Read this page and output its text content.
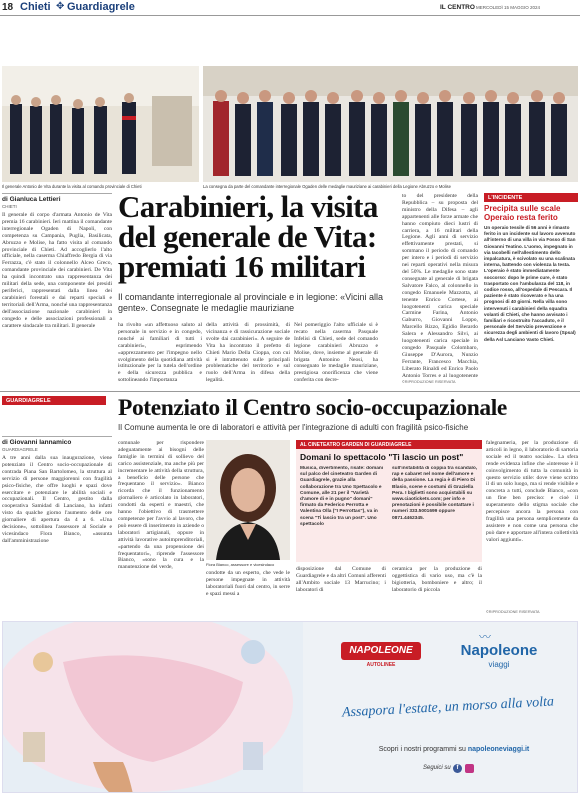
18 Chieti ✥ Guardiagrele	IL CENTRO MERCOLEDÌ 15 MAGGIO 2024
Il generale Antonio de Vita durante la visita al comando provinciale di Chieti	La consegna da parte del comandante interregionale Ogaden delle medaglie mauriziane ai carabinieri della Legione Abruzzo e Molise
di Gianluca Lettieri
CHIETI	Carabinieri, la visita
del generale de Vita:
premiati 16 militari
Il comandante interregionale al provinciale e in legione: «Vicini alla gente». Consegnate le medaglie mauriziane
Il generale di corpo d'armata Antonio de Vita premia 16 carabinieri. Ieri mattina il comandante interregionale Ogaden di Napoli, con competenza su Campania, Puglia, Basilicata, Abruzzo e Molise, ha fatto visita al comando provinciale di Chieti. Ad accoglierlo l'alto ufficiale, nella caserma Chiaffredo Bergia di via Ferrazza, c'è stato il colonnello Alceo Greco, comandante provinciale dei carabinieri. De Vita ha quindi incontrato una rappresentanza dei militari della sede, una componente dei presidi periferici, rappresentati dalla linea dei carabinieri forestali e dai reparti speciali e territoriali dell'Arma, nonché una rappresentanza dell'associazione nazionale carabinieri in congedo e delle associazioni professionali a carattere sindacale tra militari. Il generale	ha rivolto «un affettuoso saluto al personale in servizio e in congedo, nonché ai familiari di tutti i carabinieri», esprimendo «apprezzamento per l'impegno nello svolgimento della quotidiana attività istituzionale per la tutela dell'ordine e della sicurezza pubblica e sottolineando l'importanza
della attività di prossimità, di vicinanza e di rassicurazione sociale svolte dai carabinieri». A seguire de Vita ha incontrato il prefetto di Chieti Mario Della Cioppa, con cui si è intrattenuto sulle principali problematiche del territorio e sul ruolo dell'Arma in difesa della legalità.
Nel pomeriggio l'alto ufficiale si è recato nella caserma Pasquale Infelisi di Chieti, sede del comando legione carabinieri Abruzzo e Molise, dove, insieme al generale di brigata Antonino Neosi, ha consegnato le medaglie mauriziane, prestigiosa onorificenza che viene conferita con decre-
to del presidente della Repubblica – su proposta del ministro della Difesa – agli appartenenti alle forze armate che hanno compiuto dieci lustri di carriera, a 16 militari della Legione. Agli anni di servizio effettivamente prestati, si sommano il periodo di comando per intero e i periodi di servizio nei reparti operativi nella misura del 50%. Le medaglie sono state consegnate al generale di brigata Salvatore Falco, al colonnello in congedo Emanuele Mazzotta, al tenente Enrico Cortese, ai luogotenenti carica speciale Carmine Farina, Antonio Gaburro, Giovanni Loppo, Marcello Rizzo, Egidio Berardo Salera e Alessandro Silvi, ai luogotenenti carica speciale in congedo Pasquale Colombaro, Giuseppe D'Aurora, Nunzio Ferrante, Francesco Macchia, Liberato Rinaldi ed Enrico Paolo Antonio Torres e al luogotenente
©RIPRODUZIONE RISERVATA
L'INCIDENTE
Precipita sulle scale
Operaio resta ferito
Un operaio tessile di 56 anni è rimasto ferito in un incidente sul lavoro avvenuto all'interno di una villa in via Fosso di San Giovanni Teatino. L'uomo, impegnato in via Iacobelli nell'allestimento dello impalcatura, è scivolato su una scalinata interna, battendo con violenza la testa. L'operaio è stato immediatamente soccorso: dopo le prime cure, è stato trasportato con l'ambulanza del 118, in codice rosso, all'ospedale di Pescara. Il paziente è stato ricoverato e ha una prognosi di 40 giorni. Nella villa sono intervenuti i carabinieri della squadra volanti di Chieti, che hanno avvisato i familiari e ricostruito l'accaduto, e il personale del Servizio prevenzione e sicurezza degli ambienti di lavoro (Spsal) della Asl Lanciano Vasto Chieti.
GUARDIAGRELE	Potenziato il Centro socio-occupazionale
Il Comune aumenta le ore di laboratori e attività per l'integrazione di adulti con fragilità psico-fisiche
di Giovanni Iannamico
GUARDIAGRELE
A tre anni dalla sua inaugurazione, viene potenziato il Centro socio-occupazionale di contrada Piana San Bartolomeo, la struttura al servizio di persone maggiorenni con fragilità psico-fisiche, che offre luoghi e spazi dove esercitare e potenziare le abilità sociali e occupazionali. Il Centro, gestito dalla cooperativa Samidad di Lanciano, ha infatti visto da qualche giorno l'aumento delle ore giornaliere di apertura da 4 a 6. «Una decisione», sottolinea l'assessore al Sociale e vicesindaco Flora Bianco, «assunta dall'amministrazione
comunale per rispondere adeguatamente ai bisogni delle famiglie in termini di sollievo del carico assistenziale, ma anche più per incrementare le attività della struttura, a beneficio delle persone che frequentano il servizio». Bianco ricorda che il funzionamento giornaliero è articolato in laboratori, condotti da esperti e maestri, che hanno l'obiettivo di trasmettere competenze per l'avvio al lavoro, che può essere di inserimento in aziende o laboratori artigianali, oppure in attività lavorative autoimprenditoriali, «partendo da una propensione dei frequentatori», riprende l'assessore Bianco, «sono la cura e la manutenzione del verde,	Flora Bianco, assessore e vicesindaco
condotte da un esperto, che vede le persone impegnate in attività laboratoriali fuori dal centro, in serre e spazi messi a
AL CINETEATRO GARDEN DI GUARDIAGRELE
Domani lo spettacolo "Ti lascio un post"
Musica, divertimento, risate: domani sul palco del cineteatro Garden di Guardiagrele, grazie alla collaborazione tra Uno Spettacolo e Comune, alle 21 per il "Varietà d'amore di e in pugno" domani" firmato da Federico Perrotta e Valentina Olla ("I Perrottas"), va in scena "Ti lascio tra un post". Uno spettacolo
sull'instabilità di coppia tra scandalo, rap e cabaret nel nome dell'amore e della passione. La regia è di Piero Di Blasio, scene e costumi di Graziella Pera. I biglietti sono acquistabili su www.ciaotickets.com; per info e prenotazioni è possibile contattare i numeri 333.5001699 oppure 0871.4462345.
disposizione dal Comune di Guardiagrele e da altri Comuni afferenti all'Ambito sociale 13 Marrucino; i laboratori di
ceramica per la produzione di oggettistica di vario uso, ma c'è la bigiotteria, bomboniere e altro; il laboratorio di piccola
falegnameria, per la produzione di articoli in legno, il laboratorio di sartoria sociale ed il teatro sociale». La sfera rende evidenza infine che «interesse è il coinvolgimento di tutta la comunità in questo servizio utile: dove viene scritto il di un solo luogo, ma si rende visibile e concreta a tutti, conclude Bianco, «con un fine ben preciso: e cioè il superamento dello stigma sociale che percepisce ancora la persona con fragilità una persona semplicemente da assistere e non come una persona che può dare e apportare all'intera collettività valori aggiunti».
©RIPRODUZIONE RISERVATA
NAPOLEONE
AUTOLINEE
〰
Napoleone
viaggi
Assapora l'estate, un morso alla volta
Scopri i nostri programmi su napoleoneviaggi.it
Seguici su f
